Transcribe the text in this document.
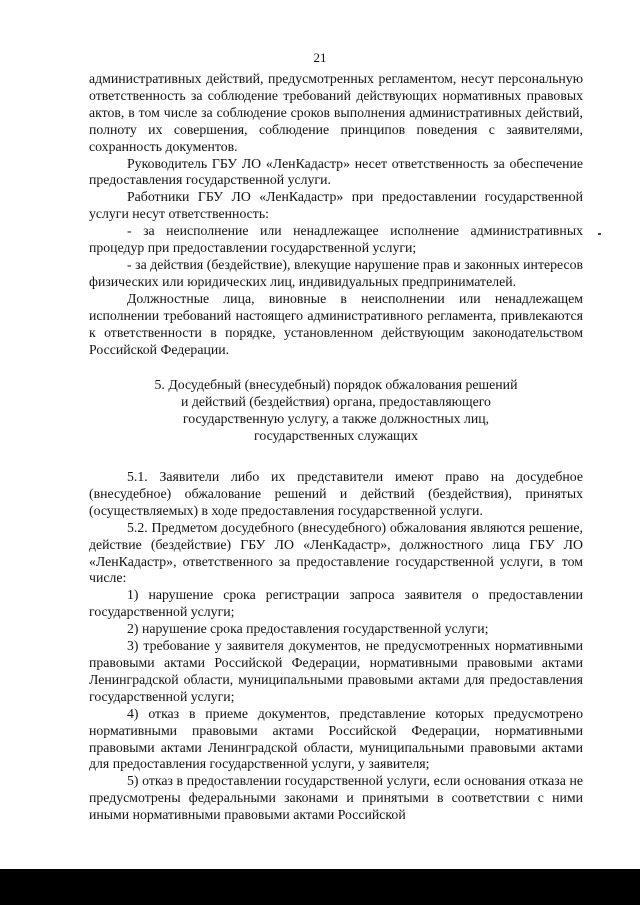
21

административных действий, предусмотренных регламентом, несут персональную ответственность за соблюдение требований действующих нормативных правовых актов, в том числе за соблюдение сроков выполнения административных действий, полноту их совершения, соблюдение принципов поведения с заявителями, сохранность документов.

Руководитель ГБУ ЛО «ЛенКадастр» несет ответственность за обеспечение предоставления государственной услуги.

Работники ГБУ ЛО «ЛенКадастр» при предоставлении государственной услуги несут ответственность:

- за неисполнение или ненадлежащее исполнение административных процедур при предоставлении государственной услуги;

- за действия (бездействие), влекущие нарушение прав и законных интересов физических или юридических лиц, индивидуальных предпринимателей.

Должностные лица, виновные в неисполнении или ненадлежащем исполнении требований настоящего административного регламента, привлекаются к ответственности в порядке, установленном действующим законодательством Российской Федерации.

5. Досудебный (внесудебный) порядок обжалования решений
и действий (бездействия) органа, предоставляющего
государственную услугу, а также должностных лиц,
государственных служащих

5.1. Заявители либо их представители имеют право на досудебное (внесудебное) обжалование решений и действий (бездействия), принятых (осуществляемых) в ходе предоставления государственной услуги.

5.2. Предметом досудебного (внесудебного) обжалования являются решение, действие (бездействие) ГБУ ЛО «ЛенКадастр», должностного лица ГБУ ЛО «ЛенКадастр», ответственного за предоставление государственной услуги, в том числе:

1) нарушение срока регистрации запроса заявителя о предоставлении государственной услуги;

2) нарушение срока предоставления государственной услуги;

3) требование у заявителя документов, не предусмотренных нормативными правовыми актами Российской Федерации, нормативными правовыми актами Ленинградской области, муниципальными правовыми актами для предоставления государственной услуги;

4) отказ в приеме документов, представление которых предусмотрено нормативными правовыми актами Российской Федерации, нормативными правовыми актами Ленинградской области, муниципальными правовыми актами для предоставления государственной услуги, у заявителя;

5) отказ в предоставлении государственной услуги, если основания отказа не предусмотрены федеральными законами и принятыми в соответствии с ними иными нормативными правовыми актами Российской
